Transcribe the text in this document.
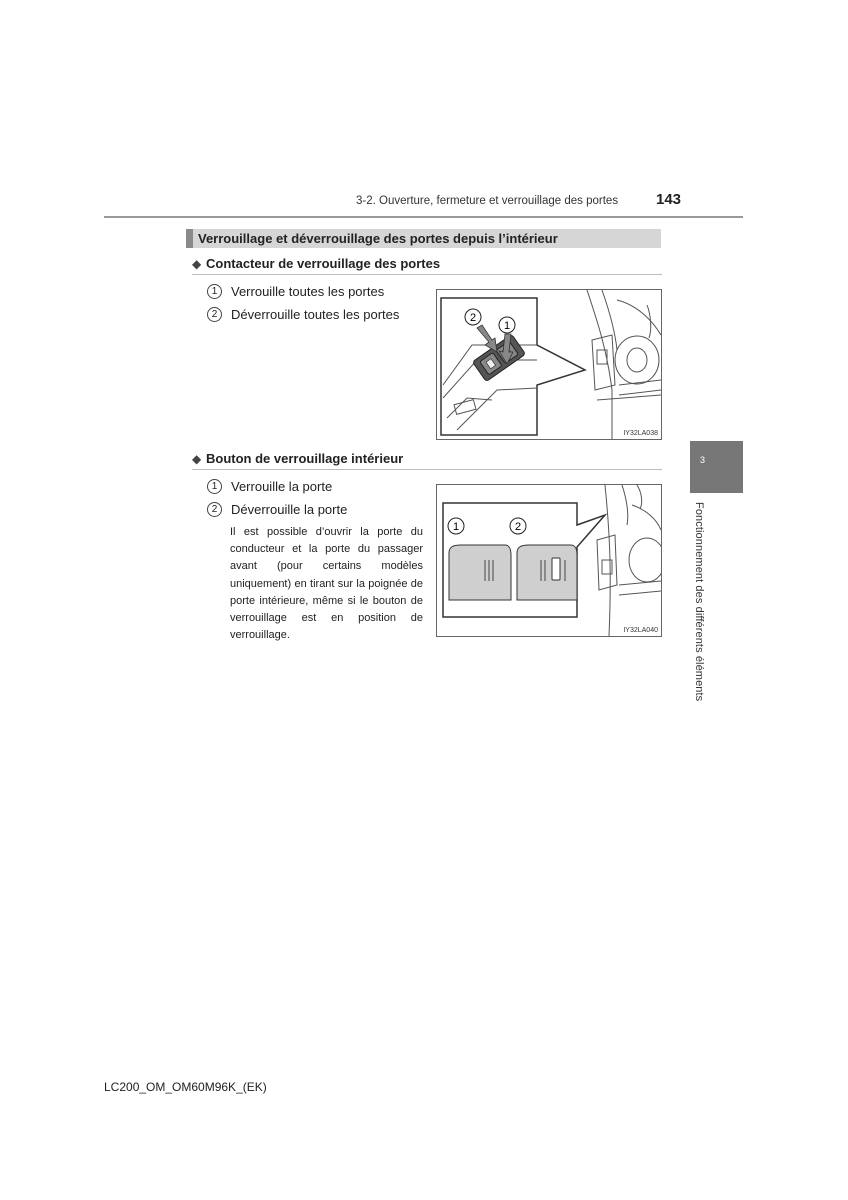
3-2. Ouverture, fermeture et verrouillage des portes	143
Verrouillage et déverrouillage des portes depuis l’intérieur
◆ Contacteur de verrouillage des portes
1	Verrouille toutes les portes
2	Déverrouille toutes les portes	2
1
IY32LA038
◆ Bouton de verrouillage intérieur
1	Verrouille la porte
2	Déverrouille la porte
Il est possible d’ouvrir la porte du conducteur et la porte du passager avant (pour certains modèles uniquement) en tirant sur la poignée de porte intérieure, même si le bouton de verrouillage est en position de verrouillage.
1	2
IY32LA040
3
Fonctionnement des différents éléments
LC200_OM_OM60M96K_(EK)
